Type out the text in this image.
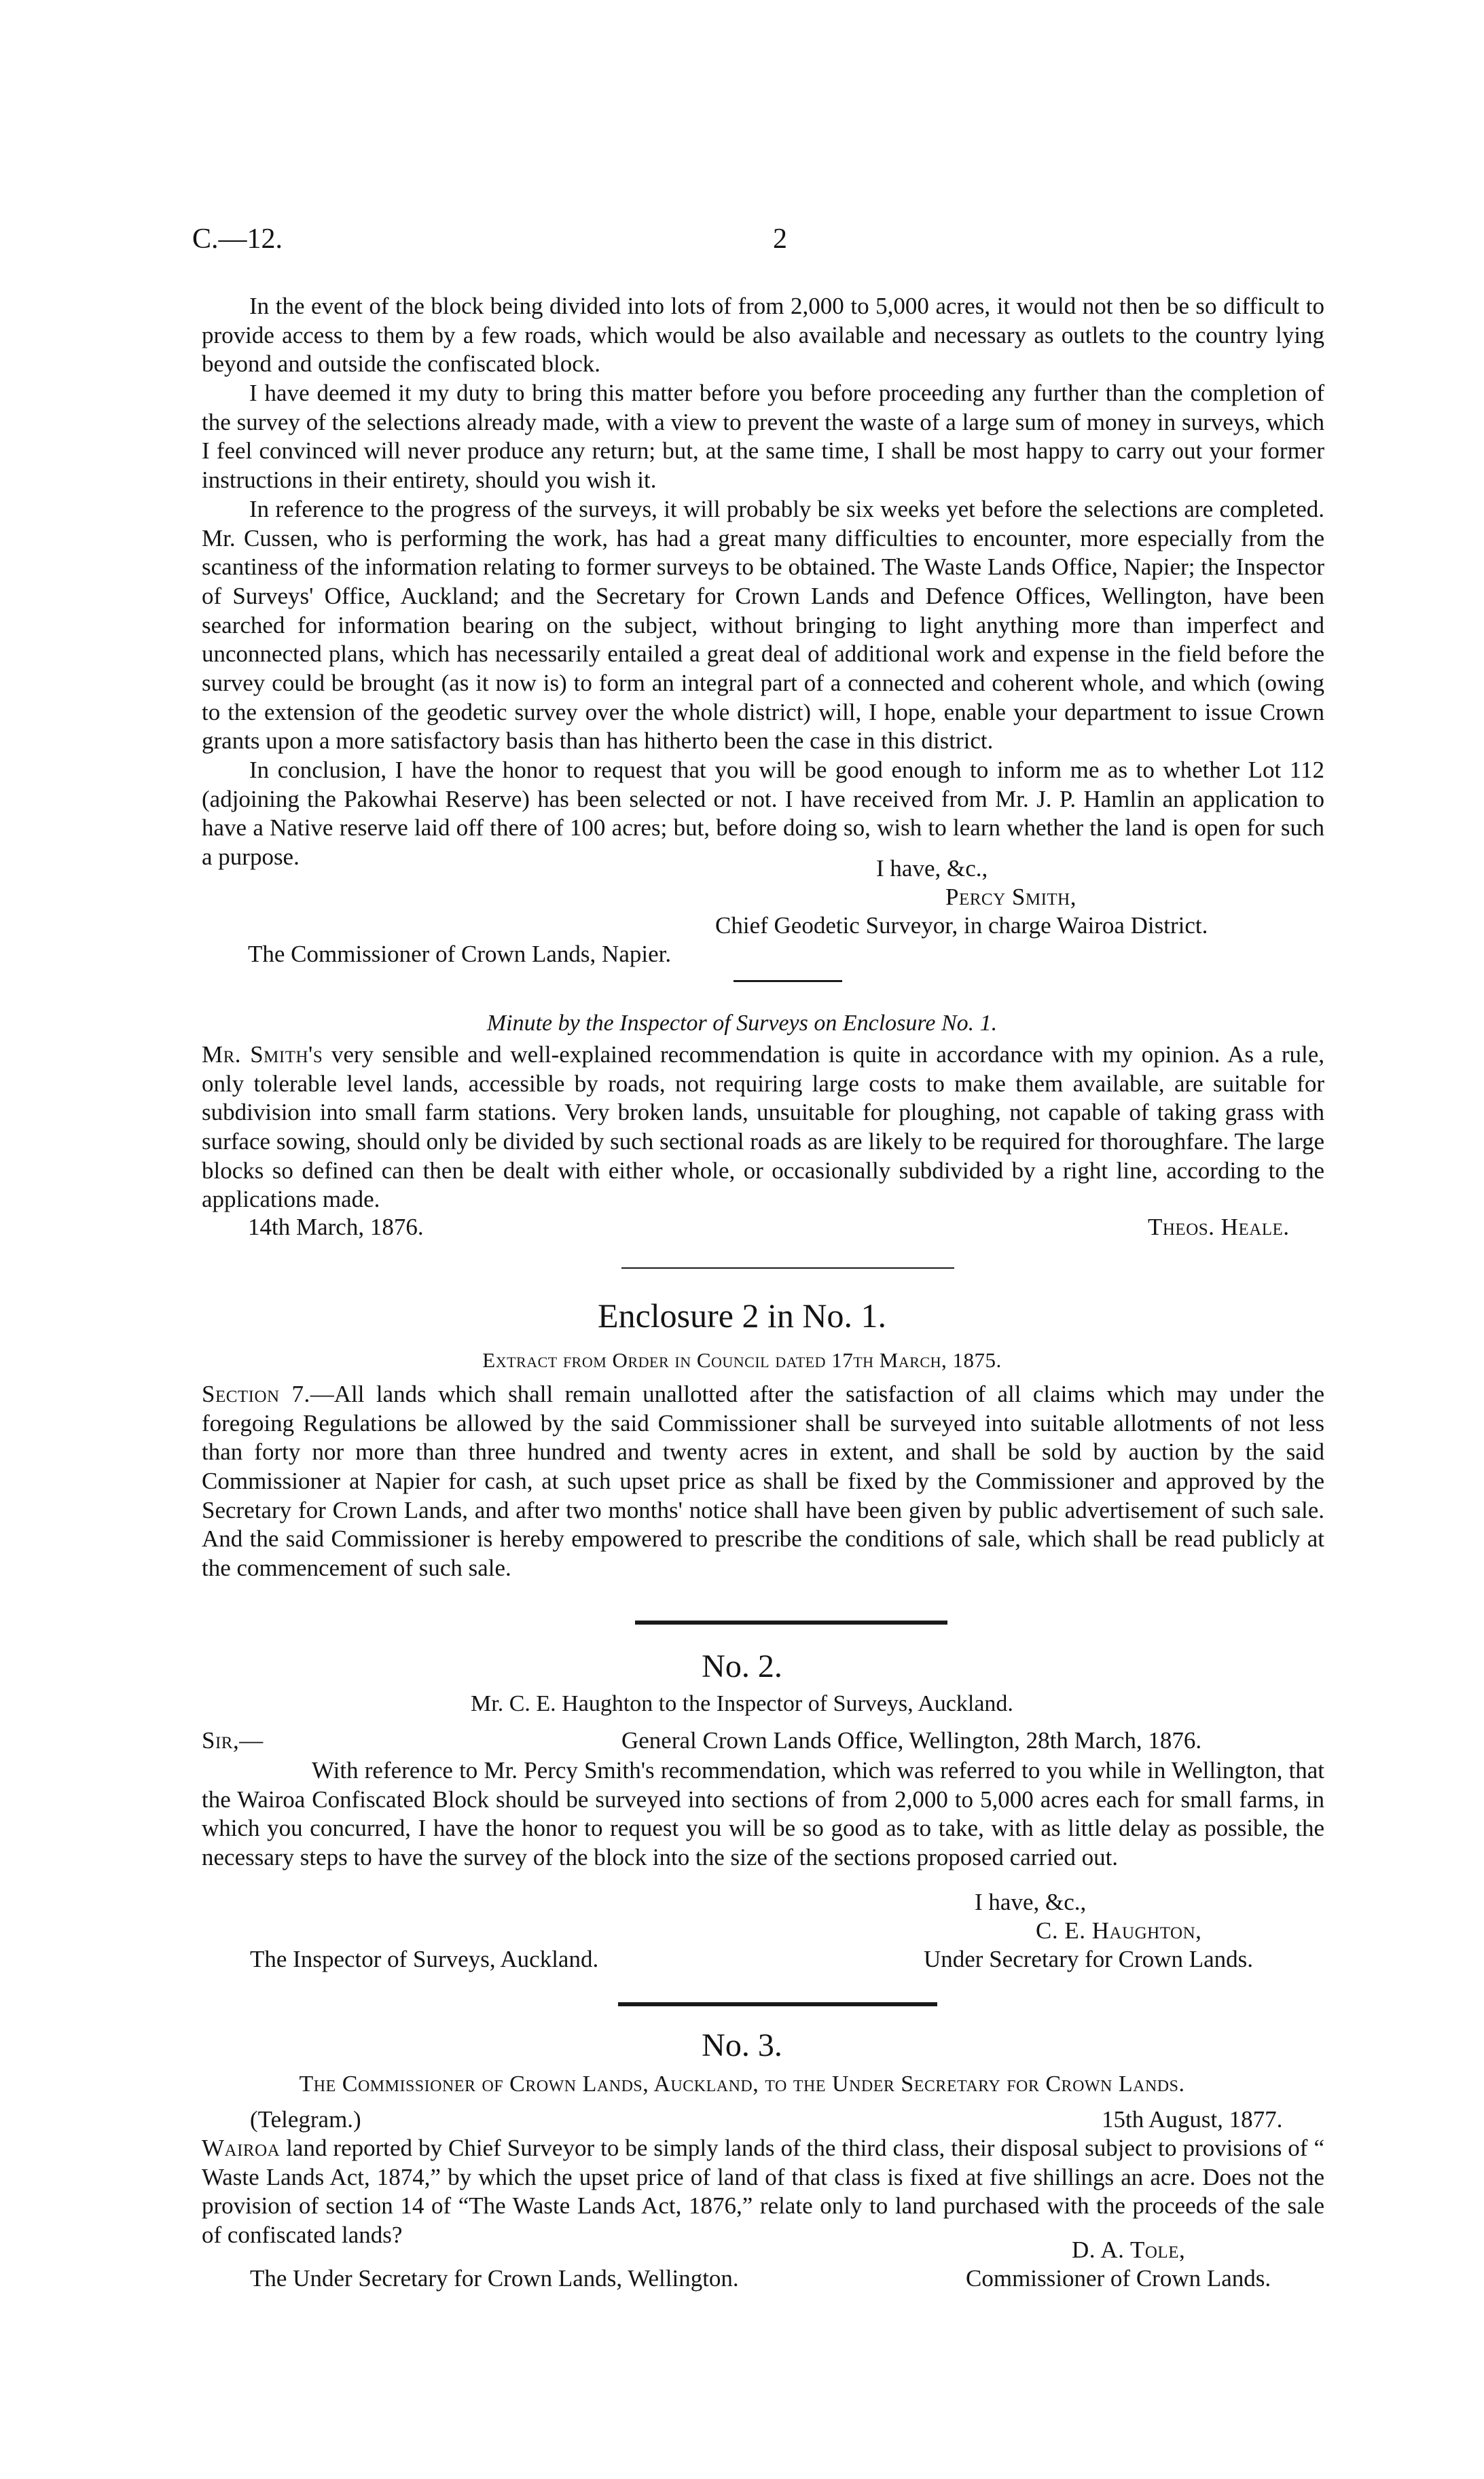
C.—12.	2

In the event of the block being divided into lots of from 2,000 to 5,000 acres, it would not then be so difficult to provide access to them by a few roads, which would be also available and necessary as outlets to the country lying beyond and outside the confiscated block.

I have deemed it my duty to bring this matter before you before proceeding any further than the completion of the survey of the selections already made, with a view to prevent the waste of a large sum of money in surveys, which I feel convinced will never produce any return; but, at the same time, I shall be most happy to carry out your former instructions in their entirety, should you wish it.

In reference to the progress of the surveys, it will probably be six weeks yet before the selections are completed. Mr. Cussen, who is performing the work, has had a great many difficulties to encounter, more especially from the scantiness of the information relating to former surveys to be obtained. The Waste Lands Office, Napier; the Inspector of Surveys' Office, Auckland; and the Secretary for Crown Lands and Defence Offices, Wellington, have been searched for information bearing on the subject, without bringing to light anything more than imperfect and unconnected plans, which has necessarily entailed a great deal of additional work and expense in the field before the survey could be brought (as it now is) to form an integral part of a connected and coherent whole, and which (owing to the extension of the geodetic survey over the whole district) will, I hope, enable your department to issue Crown grants upon a more satisfactory basis than has hitherto been the case in this district.

In conclusion, I have the honor to request that you will be good enough to inform me as to whether Lot 112 (adjoining the Pakowhai Reserve) has been selected or not. I have received from Mr. J. P. Hamlin an application to have a Native reserve laid off there of 100 acres; but, before doing so, wish to learn whether the land is open for such a purpose.	I have, &c.,
Percy Smith,
Chief Geodetic Surveyor, in charge Wairoa District.
The Commissioner of Crown Lands, Napier.
Minute by the Inspector of Surveys on Enclosure No. 1.

Mr. Smith's very sensible and well-explained recommendation is quite in accordance with my opinion. As a rule, only tolerable level lands, accessible by roads, not requiring large costs to make them available, are suitable for subdivision into small farm stations. Very broken lands, unsuitable for ploughing, not capable of taking grass with surface sowing, should only be divided by such sectional roads as are likely to be required for thoroughfare. The large blocks so defined can then be dealt with either whole, or occasionally subdivided by a right line, according to the applications made.

14th March, 1876.	Theos. Heale.
Enclosure 2 in No. 1.
Extract from Order in Council dated 17th March, 1875.

Section 7.—All lands which shall remain unallotted after the satisfaction of all claims which may under the foregoing Regulations be allowed by the said Commissioner shall be surveyed into suitable allotments of not less than forty nor more than three hundred and twenty acres in extent, and shall be sold by auction by the said Commissioner at Napier for cash, at such upset price as shall be fixed by the Commissioner and approved by the Secretary for Crown Lands, and after two months' notice shall have been given by public advertisement of such sale. And the said Commissioner is hereby empowered to prescribe the conditions of sale, which shall be read publicly at the commencement of such sale.

No. 2.
Mr. C. E. Haughton to the Inspector of Surveys, Auckland.
Sir,—	General Crown Lands Office, Wellington, 28th March, 1876.

With reference to Mr. Percy Smith's recommendation, which was referred to you while in Wellington, that the Wairoa Confiscated Block should be surveyed into sections of from 2,000 to 5,000 acres each for small farms, in which you concurred, I have the honor to request you will be so good as to take, with as little delay as possible, the necessary steps to have the survey of the block into the size of the sections proposed carried out.

I have, &c.,
C. E. Haughton,
The Inspector of Surveys, Auckland.	Under Secretary for Crown Lands.
No. 3.
The Commissioner of Crown Lands, Auckland, to the Under Secretary for Crown Lands.
(Telegram.)	15th August, 1877.

Wairoa land reported by Chief Surveyor to be simply lands of the third class, their disposal subject to provisions of “ Waste Lands Act, 1874,” by which the upset price of land of that class is fixed at five shillings an acre. Does not the provision of section 14 of “The Waste Lands Act, 1876,” relate only to land purchased with the proceeds of the sale of confiscated lands?

D. A. Tole,
The Under Secretary for Crown Lands, Wellington.	Commissioner of Crown Lands.
